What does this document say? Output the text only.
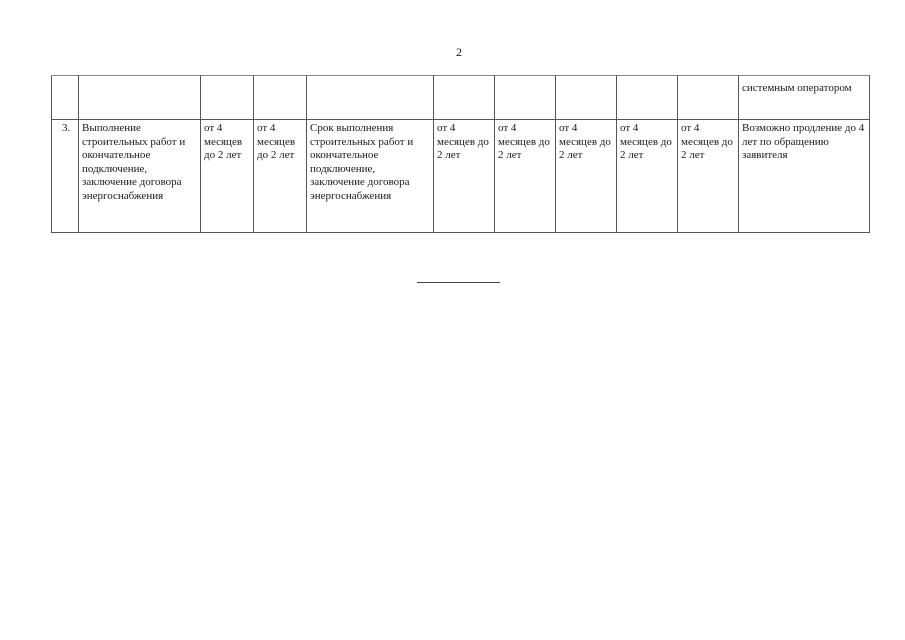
2
										системным оператором
3.	Выполнение строительных работ и окончательное подключение, заключение договора энергоснабжения	от 4 месяцев до 2 лет	от 4 месяцев до 2 лет	Срок выполнения строительных работ и окончательное подключение, заключение договора энергоснабжения	от 4 месяцев до 2 лет	от 4 месяцев до 2 лет	от 4 месяцев до 2 лет	от 4 месяцев до 2 лет	от 4 месяцев до 2 лет	Возможно продление до 4 лет по обращению заявителя
